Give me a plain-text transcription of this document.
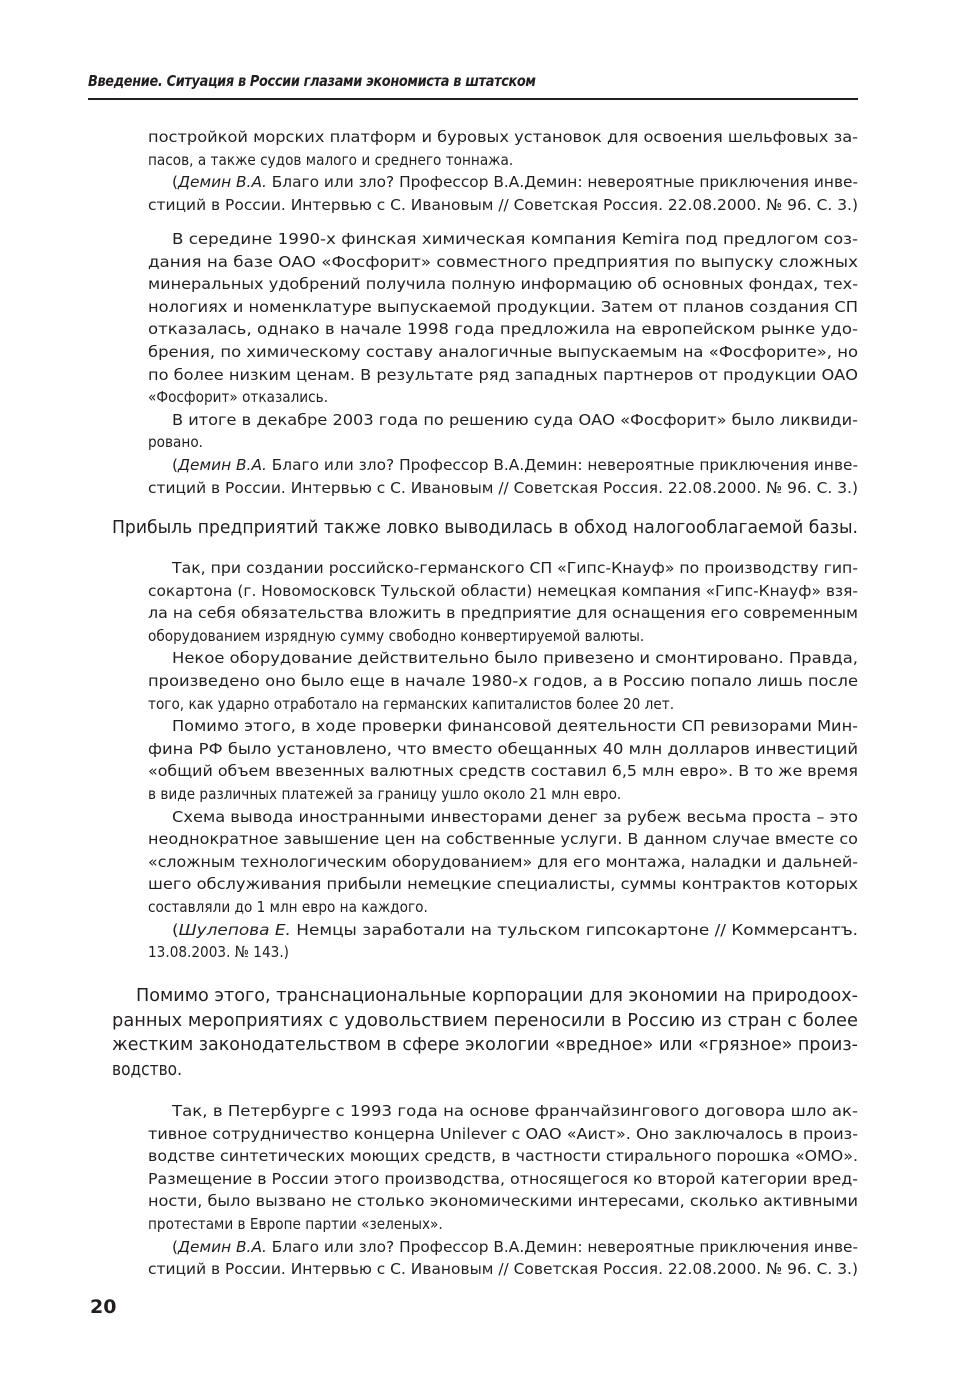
Введение. Ситуация в России глазами экономиста в штатском
постройкой морских платформ и буровых установок для освоения шельфовых за-
пасов, а также судов малого и среднего тоннажа.
(Демин В.А. Благо или зло? Профессор В.А.Демин: невероятные приключения инве-
стиций в России. Интервью с С. Ивановым // Советская Россия. 22.08.2000. № 96. С. 3.)
В середине 1990-х финская химическая компания Kemira под предлогом соз-
дания на базе ОАО «Фосфорит» совместного предприятия по выпуску сложных
минеральных удобрений получила полную информацию об основных фондах, тех-
нологиях и номенклатуре выпускаемой продукции. Затем от планов создания СП
отказалась, однако в начале 1998 года предложила на европейском рынке удо-
брения, по химическому составу аналогичные выпускаемым на «Фосфорите», но
по более низким ценам. В результате ряд западных партнеров от продукции ОАО
«Фосфорит» отказались.
В итоге в декабре 2003 года по решению суда ОАО «Фосфорит» было ликвиди-
ровано.
(Демин В.А. Благо или зло? Профессор В.А.Демин: невероятные приключения инве-
стиций в России. Интервью с С. Ивановым // Советская Россия. 22.08.2000. № 96. С. 3.)
Прибыль предприятий также ловко выводилась в обход налогооблагаемой базы.
Так, при создании российско-германского СП «Гипс-Кнауф» по производству гип-
сокартона (г. Новомосковск Тульской области) немецкая компания «Гипс-Кнауф» взя-
ла на себя обязательства вложить в предприятие для оснащения его современным
оборудованием изрядную сумму свободно конвертируемой валюты.
Некое оборудование действительно было привезено и смонтировано. Правда,
произведено оно было еще в начале 1980-х годов, а в Россию попало лишь после
того, как ударно отработало на германских капиталистов более 20 лет.
Помимо этого, в ходе проверки финансовой деятельности СП ревизорами Мин-
фина РФ было установлено, что вместо обещанных 40 млн долларов инвестиций
«общий объем ввезенных валютных средств составил 6,5 млн евро». В то же время
в виде различных платежей за границу ушло около 21 млн евро.
Схема вывода иностранными инвесторами денег за рубеж весьма проста – это
неоднократное завышение цен на собственные услуги. В данном случае вместе со
«сложным технологическим оборудованием» для его монтажа, наладки и дальней-
шего обслуживания прибыли немецкие специалисты, суммы контрактов которых
составляли до 1 млн евро на каждого.
(Шулепова Е. Немцы заработали на тульском гипсокартоне // Коммерсантъ.
13.08.2003. № 143.)
Помимо этого, транснациональные корпорации для экономии на природоох-
ранных мероприятиях с удовольствием переносили в Россию из стран с более
жестким законодательством в сфере экологии «вредное» или «грязное» произ-
водство.
Так, в Петербурге с 1993 года на основе франчайзингового договора шло ак-
тивное сотрудничество концерна Unilever с ОАО «Аист». Оно заключалось в произ-
водстве синтетических моющих средств, в частности стирального порошка «ОМО».
Размещение в России этого производства, относящегося ко второй категории вред-
ности, было вызвано не столько экономическими интересами, сколько активными
протестами в Европе партии «зеленых».
(Демин В.А. Благо или зло? Профессор В.А.Демин: невероятные приключения инве-
стиций в России. Интервью с С. Ивановым // Советская Россия. 22.08.2000. № 96. С. 3.)
20
